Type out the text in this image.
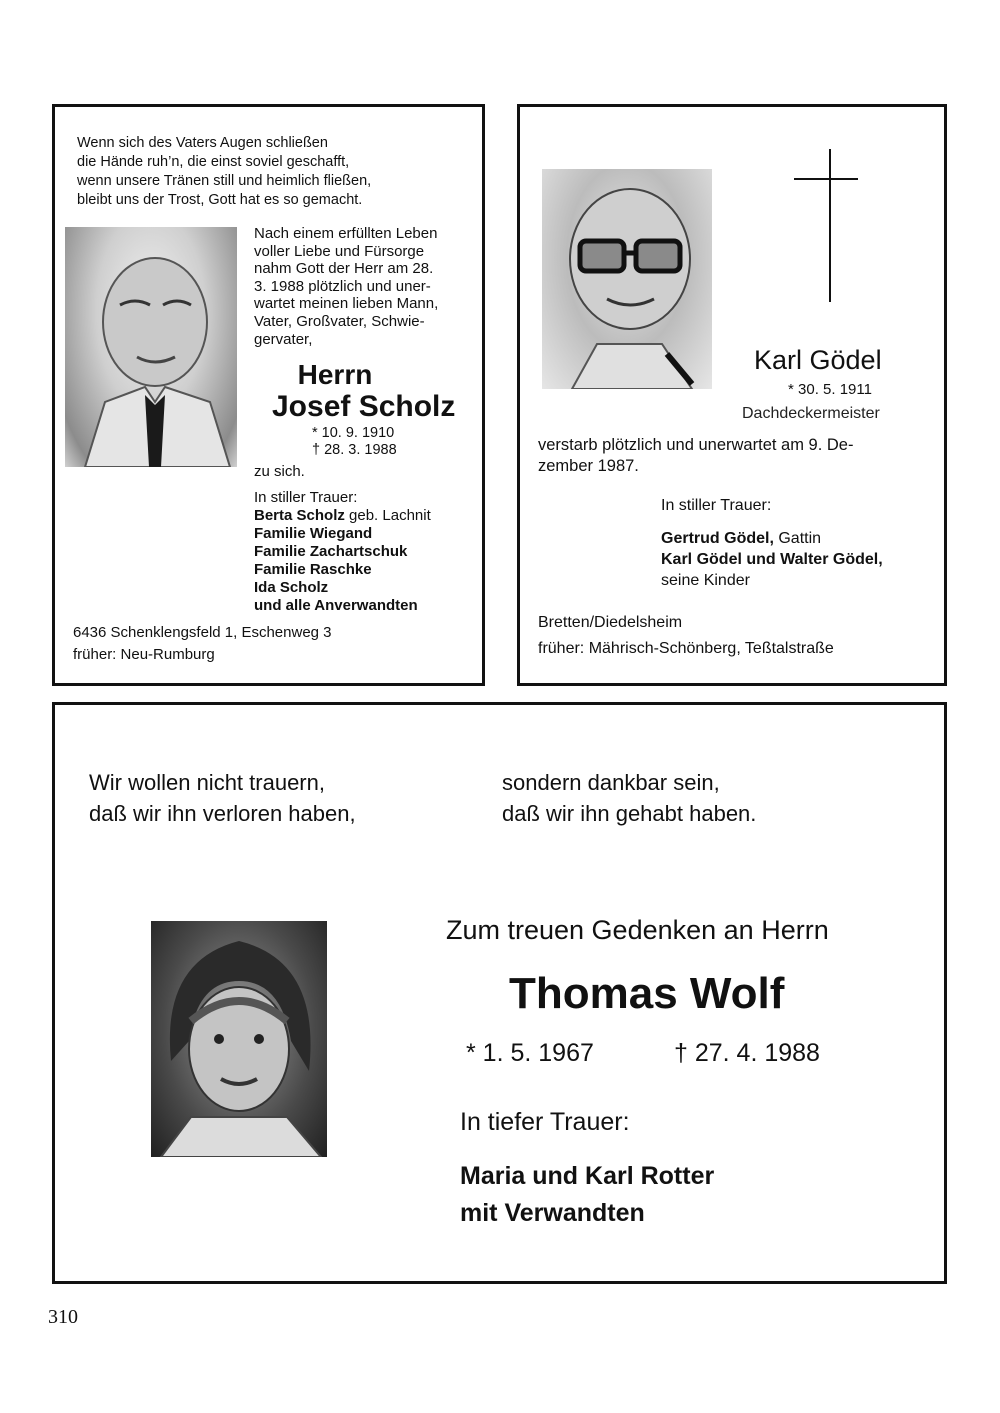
Wenn sich des Vaters Augen schließen
die Hände ruh’n, die einst soviel geschafft,
wenn unsere Tränen still und heimlich fließen,
bleibt uns der Trost, Gott hat es so gemacht.
Nach einem erfüllten Leben
voller Liebe und Fürsorge
nahm Gott der Herr am 28.
3. 1988 plötzlich und uner-
wartet meinen lieben Mann,
Vater, Großvater, Schwie-
gervater,
Herrn
Josef Scholz
* 10. 9. 1910
† 28. 3. 1988
zu sich.
In stiller Trauer:
Berta Scholz geb. Lachnit
Familie Wiegand
Familie Zachartschuk
Familie Raschke
Ida Scholz
und alle Anverwandten
6436 Schenklengsfeld 1, Eschenweg 3
früher: Neu-Rumburg
Karl Gödel
* 30. 5. 1911
Dachdeckermeister
verstarb plötzlich und unerwartet am 9. De-
zember 1987.
In stiller Trauer:
Gertrud Gödel, Gattin
Karl Gödel und Walter Gödel,
seine Kinder
Bretten/Diedelsheim
früher: Mährisch-Schönberg, Teßtalstraße
Wir wollen nicht trauern,
daß wir ihn verloren haben,
sondern dankbar sein,
daß wir ihn gehabt haben.
Zum treuen Gedenken an Herrn
Thomas Wolf
* 1. 5. 1967	† 27. 4. 1988
In tiefer Trauer:
Maria und Karl Rotter
mit Verwandten
310
